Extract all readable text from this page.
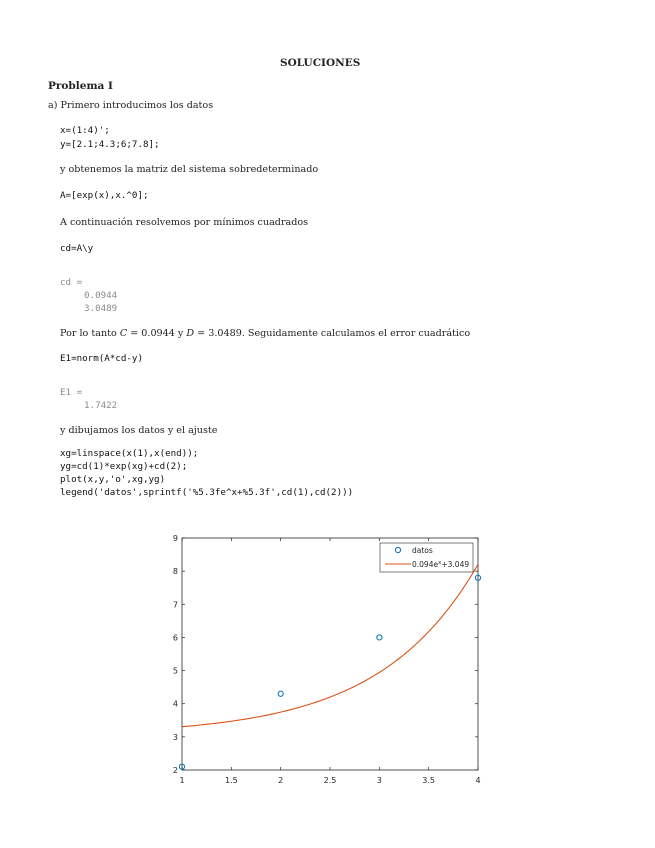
SOLUCIONES
Problema I
a) Primero introducimos los datos
x=(1:4)';
y=[2.1;4.3;6;7.8];
y obtenemos la matriz del sistema sobredeterminado
A=[exp(x),x.^0];
A continuación resolvemos por mínimos cuadrados
cd=A\y
cd =
0.0944
3.0489
Por lo tanto C = 0.0944 y D = 3.0489. Seguidamente calculamos el error cuadrático
E1=norm(A*cd-y)
E1 =
1.7422
y dibujamos los datos y el ajuste
xg=linspace(x(1),x(end));
yg=cd(1)*exp(xg)+cd(2);
plot(x,y,'o',xg,yg)
legend('datos',sprintf('%5.3fe^x+%5.3f',cd(1),cd(2)))
1	1.5	2	2.5	3	3.5	4
2
3
4
5
6
7
8
9
datos
$0.094e^x+3.049$
